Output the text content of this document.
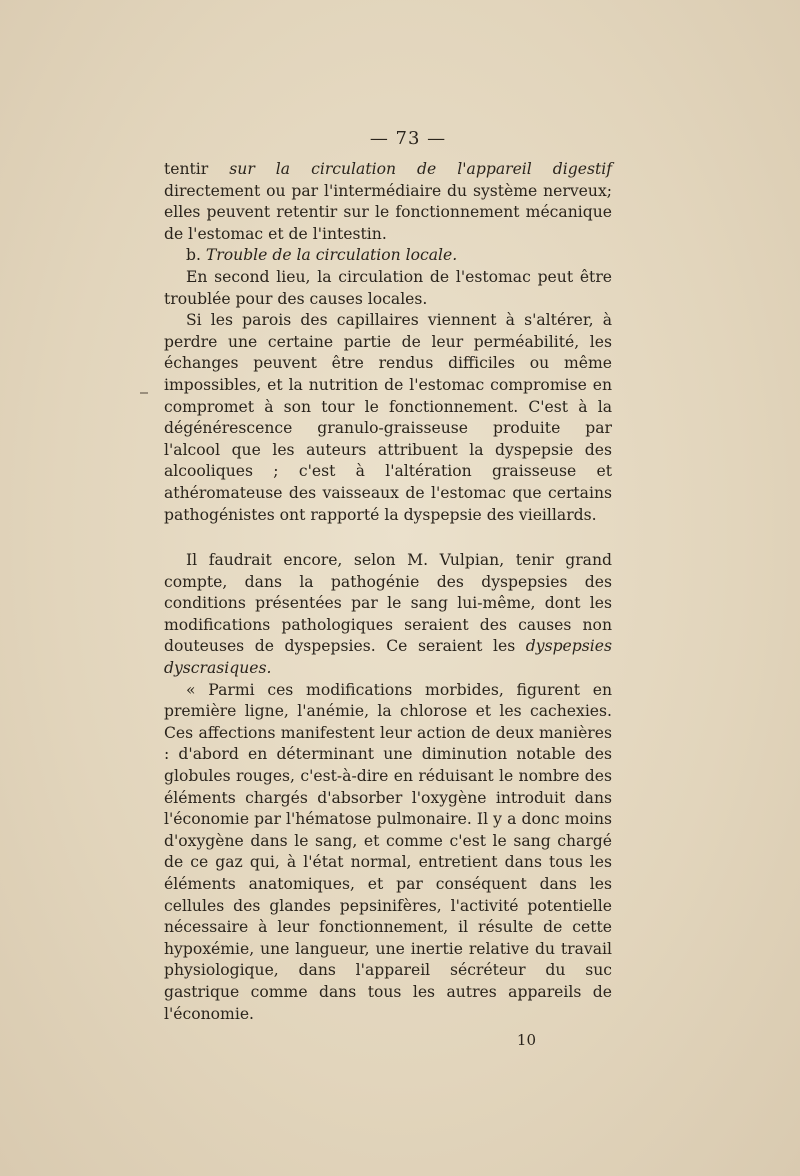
— 73 —

tentir sur la circulation de l'appareil digestif directement ou par l'intermédiaire du système nerveux; elles peuvent retentir sur le fonctionnement mécanique de l'estomac et de l'intestin.

b. Trouble de la circulation locale.

En second lieu, la circulation de l'estomac peut être troublée pour des causes locales.

Si les parois des capillaires viennent à s'altérer, à perdre une certaine partie de leur perméabilité, les échanges peuvent être rendus difficiles ou même impossibles, et la nutrition de l'estomac compromise en compromet à son tour le fonctionnement. C'est à la dégénérescence granulo-graisseuse produite par l'alcool que les auteurs attribuent la dyspepsie des alcooliques ; c'est à l'altération graisseuse et athéromateuse des vaisseaux de l'estomac que certains pathogénistes ont rapporté la dyspepsie des vieillards.

Il faudrait encore, selon M. Vulpian, tenir grand compte, dans la pathogénie des dyspepsies des conditions présentées par le sang lui-même, dont les modifications pathologiques seraient des causes non douteuses de dyspepsies. Ce seraient les dyspepsies dyscrasiques.

« Parmi ces modifications morbides, figurent en première ligne, l'anémie, la chlorose et les cachexies. Ces affections manifestent leur action de deux manières : d'abord en déterminant une diminution notable des globules rouges, c'est-à-dire en réduisant le nombre des éléments chargés d'absorber l'oxygène introduit dans l'économie par l'hématose pulmonaire. Il y a donc moins d'oxygène dans le sang, et comme c'est le sang chargé de ce gaz qui, à l'état normal, entretient dans tous les éléments anatomiques, et par conséquent dans les cellules des glandes pepsinifères, l'activité potentielle nécessaire à leur fonctionnement, il résulte de cette hypoxémie, une langueur, une inertie relative du travail physiologique, dans l'appareil sécréteur du suc gastrique comme dans tous les autres appareils de l'économie.

10
